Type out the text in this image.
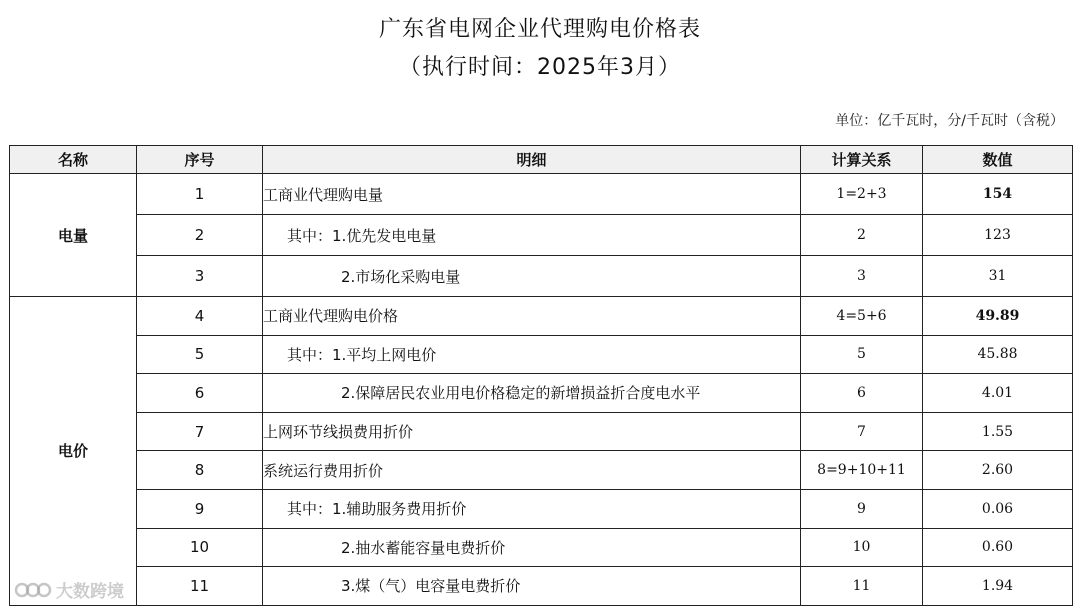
广东省电网企业代理购电价格表
（执行时间：2025年3月）
单位：亿千瓦时，分/千瓦时（含税）
名称	序号	明细	计算关系	数值
电量	1	工商业代理购电量	1=2+3	154
	2	其中：1.优先发电电量	2	123
	3	2.市场化采购电量	3	31
电价	4	工商业代理购电价格	4=5+6	49.89
	5	其中：1.平均上网电价	5	45.88
	6	2.保障居民农业用电价格稳定的新增损益折合度电水平	6	4.01
	7	上网环节线损费用折价	7	1.55
	8	系统运行费用折价	8=9+10+11	2.60
	9	其中：1.辅助服务费用折价	9	0.06
	10	2.抽水蓄能容量电费折价	10	0.60
	11	3.煤（气）电容量电费折价	11	1.94
大数跨境
